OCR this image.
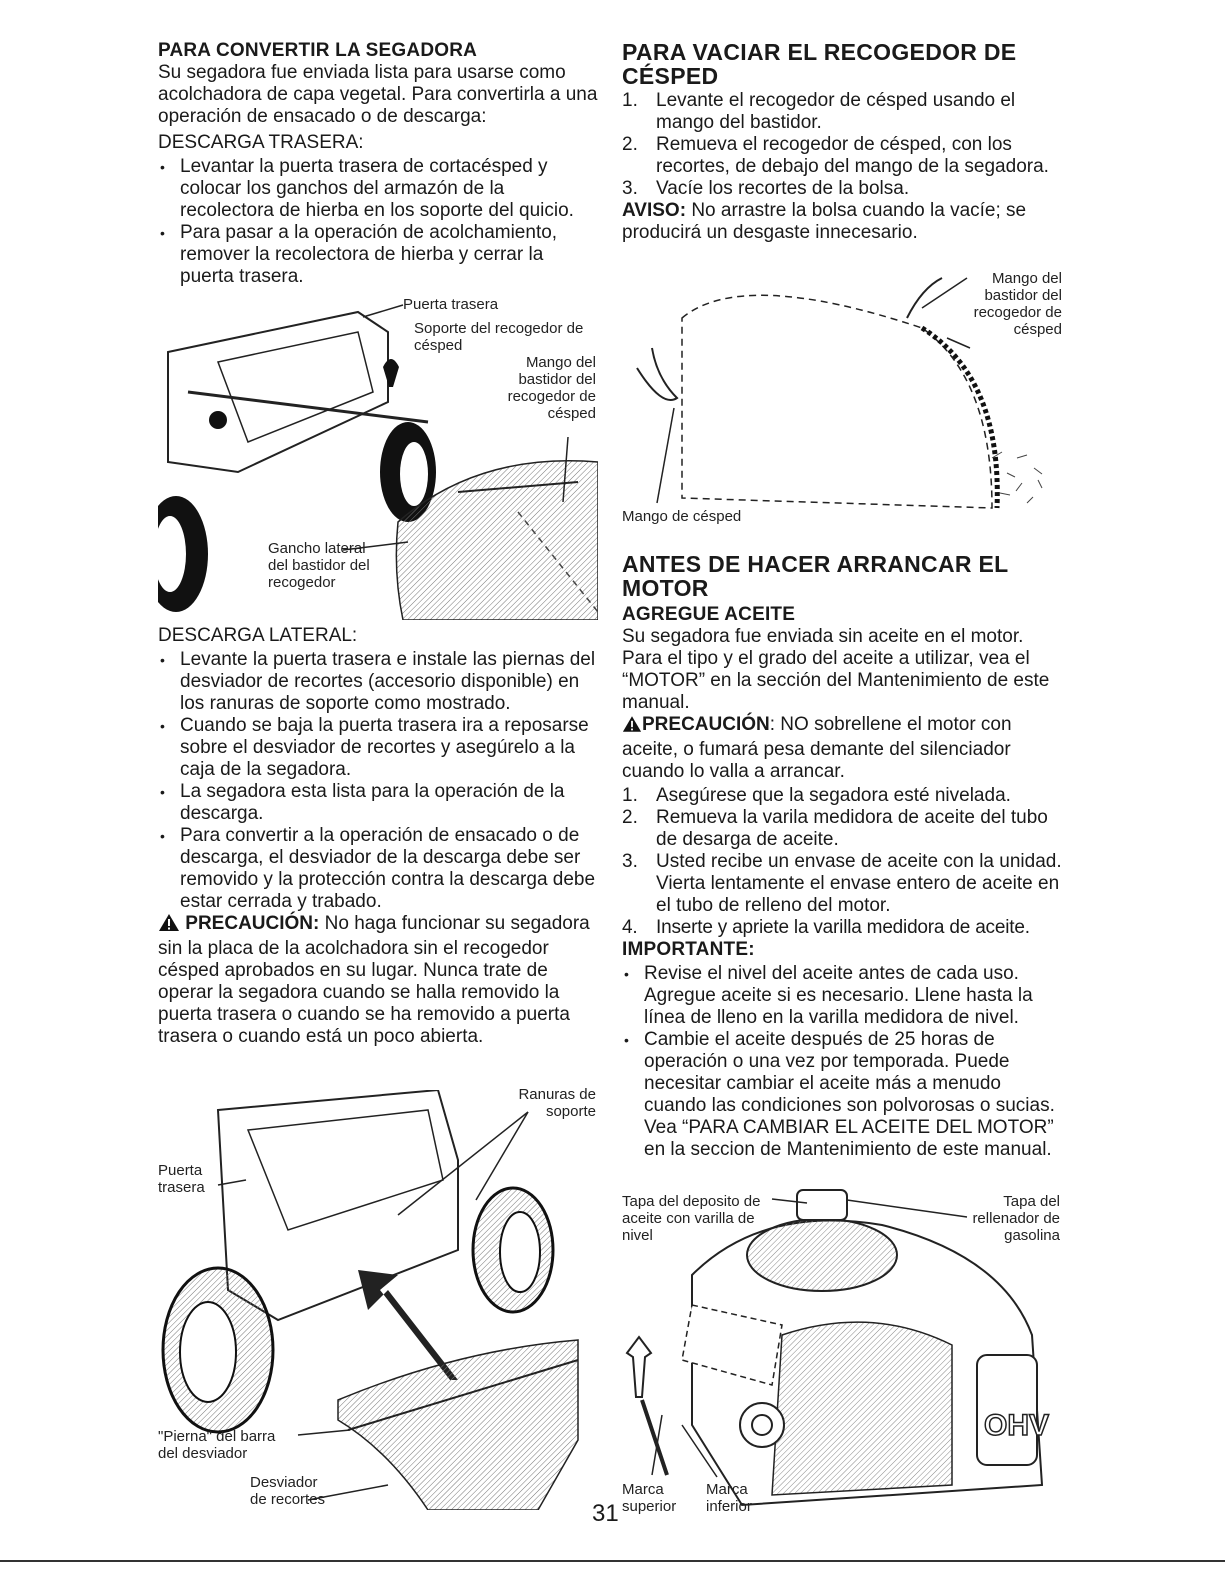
PARA CONVERTIR LA SEGADORA

Su segadora fue enviada lista para usarse como acolchadora de capa vegetal. Para convertirla a una operación de ensacado o de descarga:

DESCARGA TRASERA:

• Levantar la puerta trasera de cortacésped y colocar los ganchos del armazón de la recolectora de hierba en los soporte del quicio.
• Para pasar a la operación de acolchamiento, remover la recolectora de hierba y cerrar la puerta trasera.
Puerta trasera
Soporte del recogedor de césped
Mango del bastidor del recogedor de césped
Gancho lateral del bastidor del recogedor

DESCARGA LATERAL:

• Levante la puerta trasera e instale las piernas del desviador de recortes (accesorio disponible) en los ranuras de soporte como mostrado.
• Cuando se baja la puerta trasera ira a reposarse sobre el desviador de recortes y asegúrelo a la caja de la segadora.
• La segadora esta lista para la operación de la descarga.
• Para convertir a la operación de ensacado o de descarga, el desviador de la descarga debe ser removido y la protección contra la descarga debe estar cerrada y trabado.

PRECAUCIÓN: No haga funcionar su segadora sin la placa de la acolchadora sin el recogedor césped aprobados en su lugar. Nunca trate de operar la segadora cuando se halla removido la puerta trasera o cuando se ha removido a puerta trasera o cuando está un poco abierta.

Ranuras de soporte
Puerta trasera
"Pierna" del barra del desviador
Desviador de recortes
PARA VACIAR EL RECOGEDOR DE CÉSPED
1. Levante el recogedor de césped usando el mango del bastidor.
2. Remueva el recogedor de césped, con los recortes, de debajo del mango de la segadora.
3. Vacíe los recortes de la bolsa.

AVISO: No arrastre la bolsa cuando la vacíe; se producirá un desgaste innecesario.

Mango del bastidor del recogedor de césped
Mango de césped
ANTES DE HACER ARRANCAR EL MOTOR
AGREGUE ACEITE

Su segadora fue enviada sin aceite en el motor. Para el tipo y el grado del aceite a utilizar, vea el “MOTOR” en la sección del Mantenimiento de este manual.

PRECAUCIÓN: NO sobrellene el motor con aceite, o fumará pesa demante del silenciador cuando lo valla a arrancar.

1. Asegúrese que la segadora esté nivelada.
2. Remueva la varila medidora de aceite del tubo de desarga de aceite.
3. Usted recibe un envase de aceite con la unidad. Vierta lentamente el envase entero de aceite en el tubo de relleno del motor.
4. Inserte y apriete la varilla medidora de aceite.
IMPORTANTE:
• Revise el nivel del aceite antes de cada uso. Agregue aceite si es necesario. Llene hasta la línea de lleno en la varilla medidora de nivel.
• Cambie el aceite después de 25 horas de operación o una vez por temporada. Puede necesitar cambiar el aceite más a menudo cuando las condiciones son polvorosas o sucias. Vea “PARA CAMBIAR EL ACEITE DEL MOTOR” en la seccion de Mantenimiento de este manual.
OHV
Tapa del deposito de aceite con varilla de nivel
Tapa del rellenador de gasolina
Marca superior
Marca inferior
31
